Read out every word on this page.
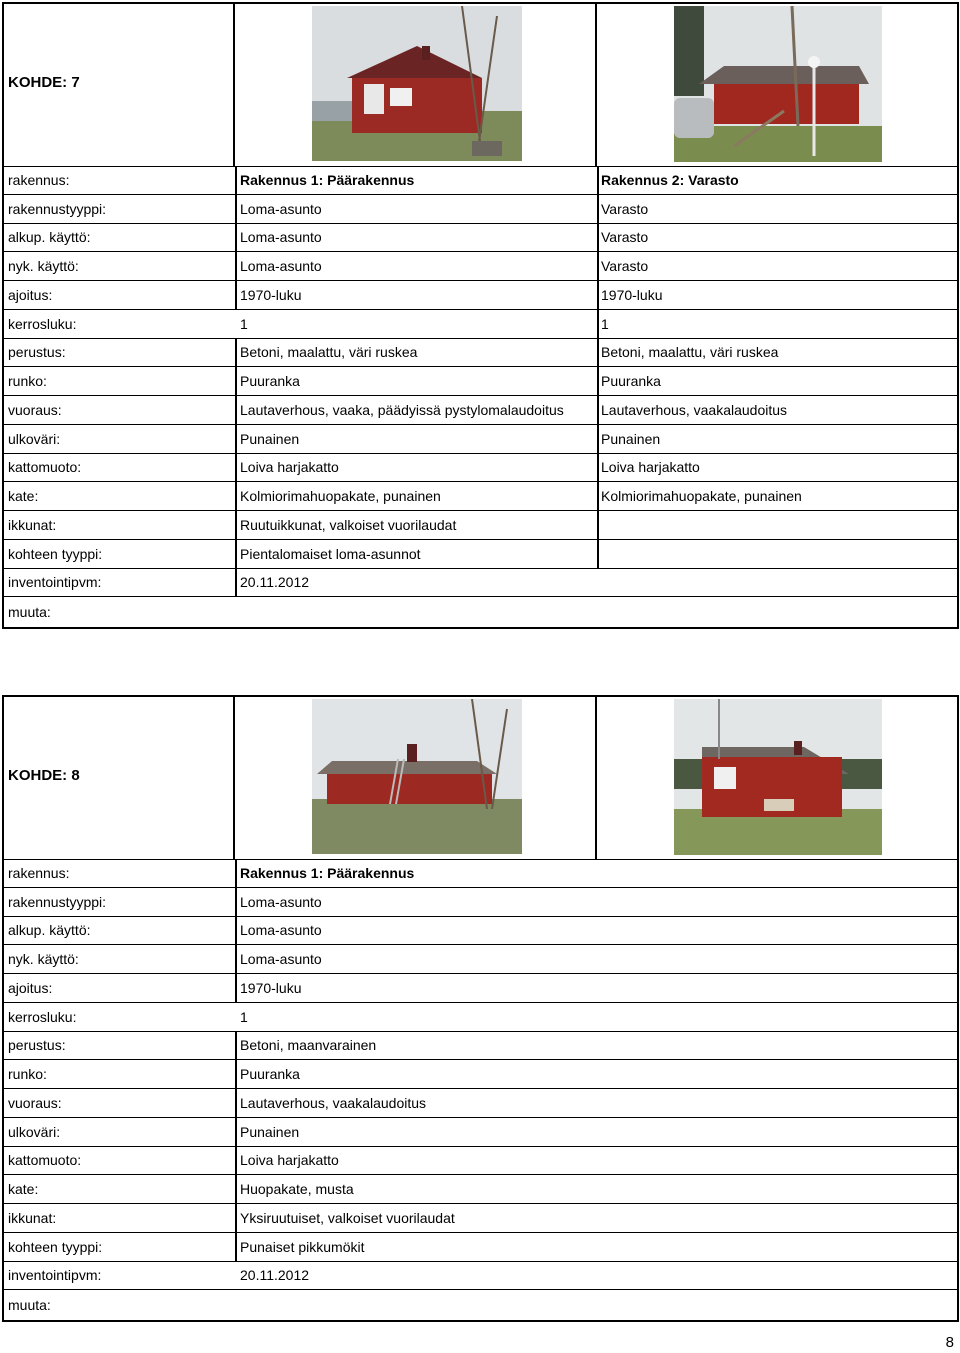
KOHDE: 7
rakennus:	Rakennus 1: Päärakennus	Rakennus 2: Varasto
rakennustyyppi:	Loma-asunto	Varasto
alkup. käyttö:	Loma-asunto	Varasto
nyk. käyttö:	Loma-asunto	Varasto
ajoitus:	1970-luku	1970-luku
kerrosluku:	1	1
perustus:	Betoni, maalattu, väri ruskea	Betoni, maalattu, väri ruskea
runko:	Puuranka	Puuranka
vuoraus:	Lautaverhous, vaaka, päädyissä pystylomalaudoitus	Lautaverhous, vaakalaudoitus
ulkoväri:	Punainen	Punainen
kattomuoto:	Loiva harjakatto	Loiva harjakatto
kate:	Kolmiorimahuopakate, punainen	Kolmiorimahuopakate, punainen
ikkunat:	Ruutuikkunat, valkoiset vuorilaudat
kohteen tyyppi:	Pientalomaiset loma-asunnot
inventointipvm:	20.11.2012
muuta:
KOHDE: 8
rakennus:	Rakennus 1: Päärakennus
rakennustyyppi:	Loma-asunto
alkup. käyttö:	Loma-asunto
nyk. käyttö:	Loma-asunto
ajoitus:	1970-luku
kerrosluku:	1
perustus:	Betoni, maanvarainen
runko:	Puuranka
vuoraus:	Lautaverhous, vaakalaudoitus
ulkoväri:	Punainen
kattomuoto:	Loiva harjakatto
kate:	Huopakate, musta
ikkunat:	Yksiruutuiset, valkoiset vuorilaudat
kohteen tyyppi:	Punaiset pikkumökit
inventointipvm:	20.11.2012
muuta:
8
